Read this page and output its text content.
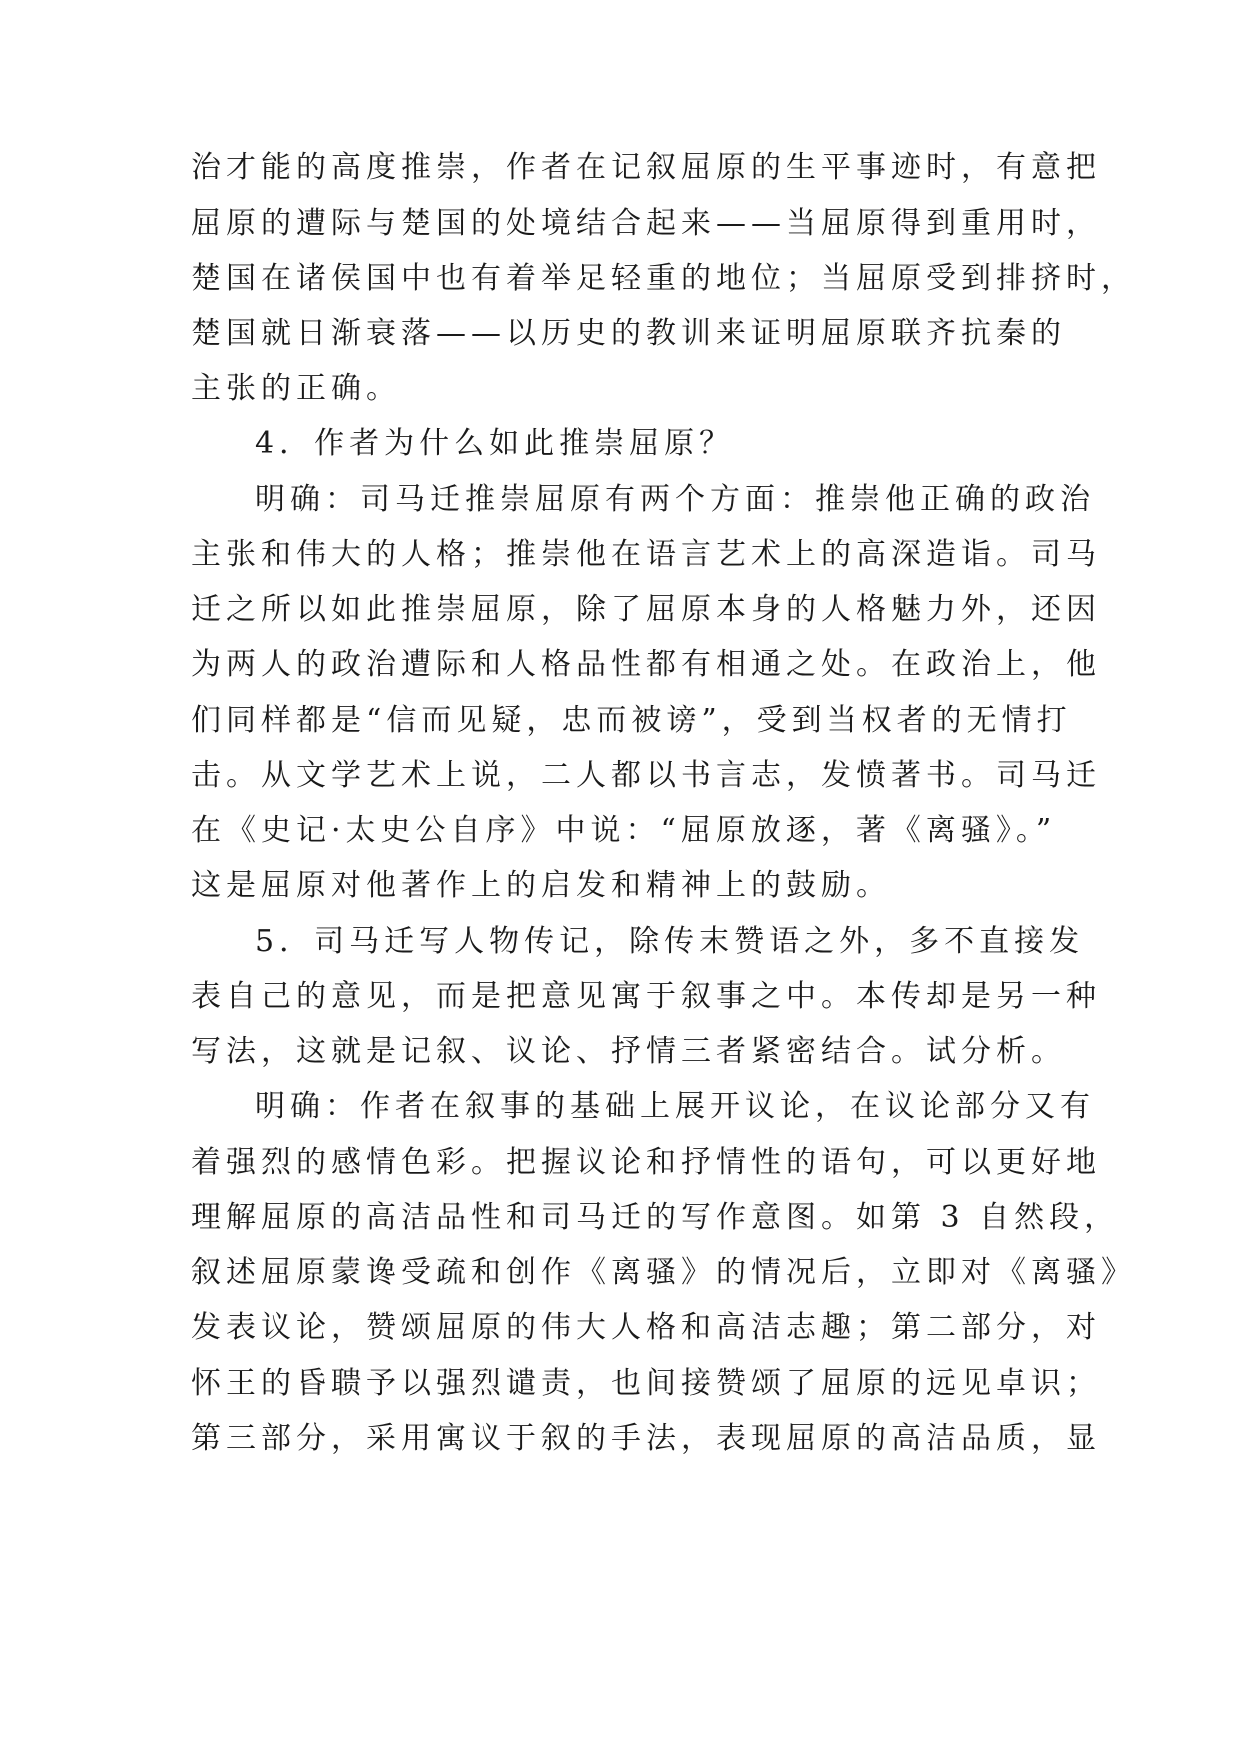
治才能的高度推崇，作者在记叙屈原的生平事迹时，有意把
屈原的遭际与楚国的处境结合起来——当屈原得到重用时，
楚国在诸侯国中也有着举足轻重的地位；当屈原受到排挤时，
楚国就日渐衰落——以历史的教训来证明屈原联齐抗秦的
主张的正确。
4．作者为什么如此推崇屈原？
明确：司马迁推崇屈原有两个方面：推崇他正确的政治
主张和伟大的人格；推崇他在语言艺术上的高深造诣。司马
迁之所以如此推崇屈原，除了屈原本身的人格魅力外，还因
为两人的政治遭际和人格品性都有相通之处。在政治上，他
们同样都是“信而见疑，忠而被谤”，受到当权者的无情打
击。从文学艺术上说，二人都以书言志，发愤著书。司马迁
在《史记·太史公自序》中说：“屈原放逐，著《离骚》。”
这是屈原对他著作上的启发和精神上的鼓励。
5．司马迁写人物传记，除传末赞语之外，多不直接发
表自己的意见，而是把意见寓于叙事之中。本传却是另一种
写法，这就是记叙、议论、抒情三者紧密结合。试分析。
明确：作者在叙事的基础上展开议论，在议论部分又有
着强烈的感情色彩。把握议论和抒情性的语句，可以更好地
理解屈原的高洁品性和司马迁的写作意图。如第 3 自然段，
叙述屈原蒙谗受疏和创作《离骚》的情况后，立即对《离骚》
发表议论，赞颂屈原的伟大人格和高洁志趣；第二部分，对
怀王的昏聩予以强烈谴责，也间接赞颂了屈原的远见卓识；
第三部分，采用寓议于叙的手法，表现屈原的高洁品质，显
